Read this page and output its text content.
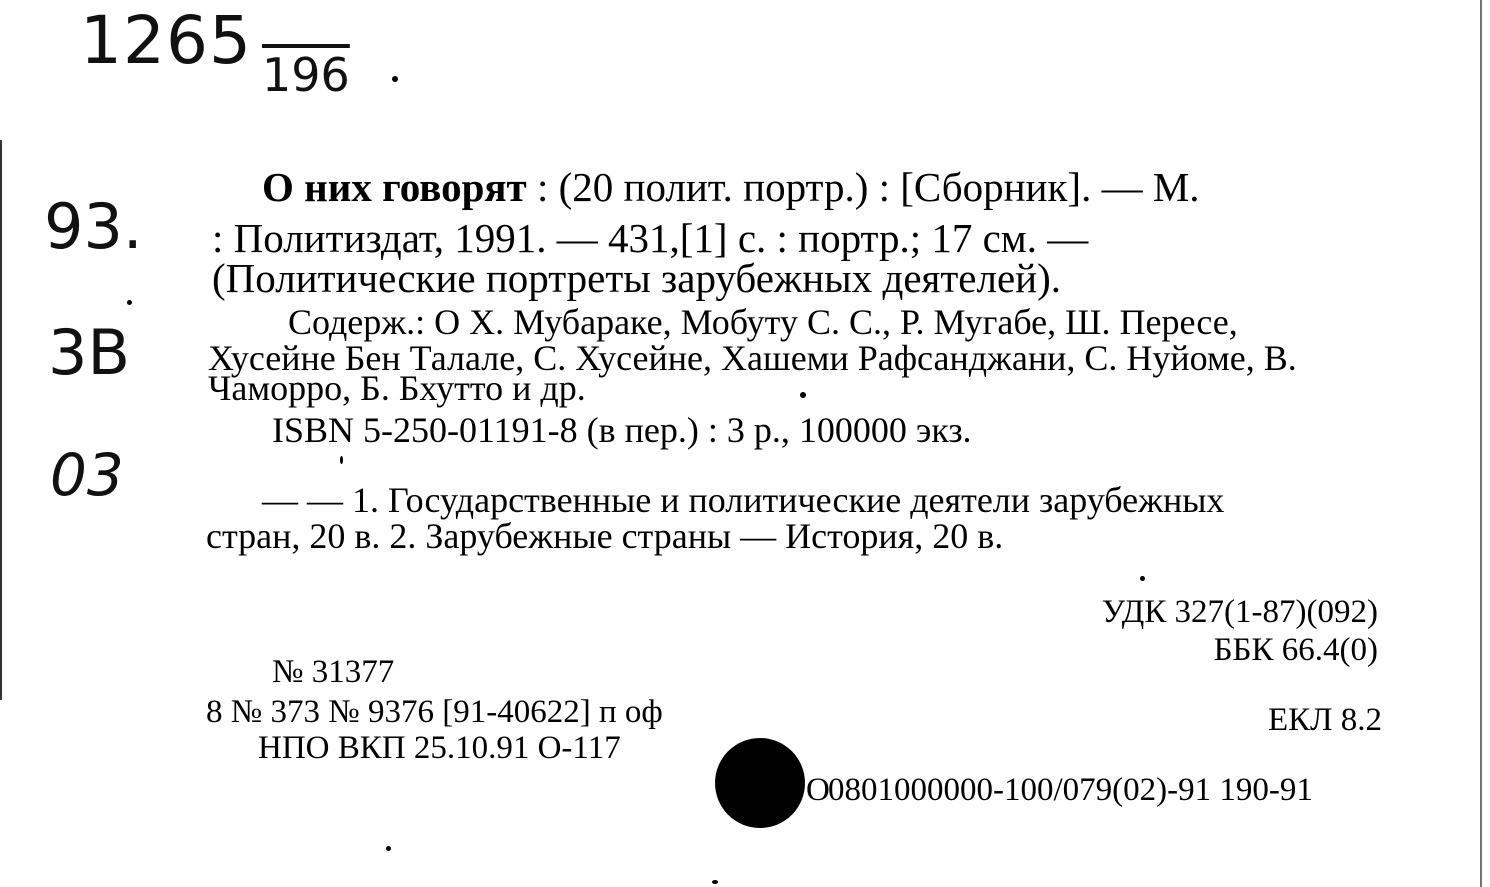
1265 196
93.
3B
03
О них говорят : (20 полит. портр.) : [Сборник]. — М.
: Политиздат, 1991. — 431,[1] с. : портр.; 17 см. —
(Политические портреты зарубежных деятелей).
Содерж.: О Х. Мубараке, Мобуту С. С., Р. Мугабе, Ш. Пересе,
Хусейне Бен Талале, С. Хусейне, Хашеми Рафсанджани, С. Нуйоме, В.
Чаморро, Б. Бхутто и др.
ISBN 5-250-01191-8 (в пер.) : 3 р., 100000 экз.
— — 1. Государственные и политические деятели зарубежных
стран, 20 в. 2. Зарубежные страны — История, 20 в.
УДК 327(1-87)(092)
ББК 66.4(0)
№ 31377
8 № 373 № 9376 [91-40622] п оф
НПО ВКП 25.10.91 О-117
ЕКЛ 8.2
О
0801000000-100/079(02)-91 190-91
